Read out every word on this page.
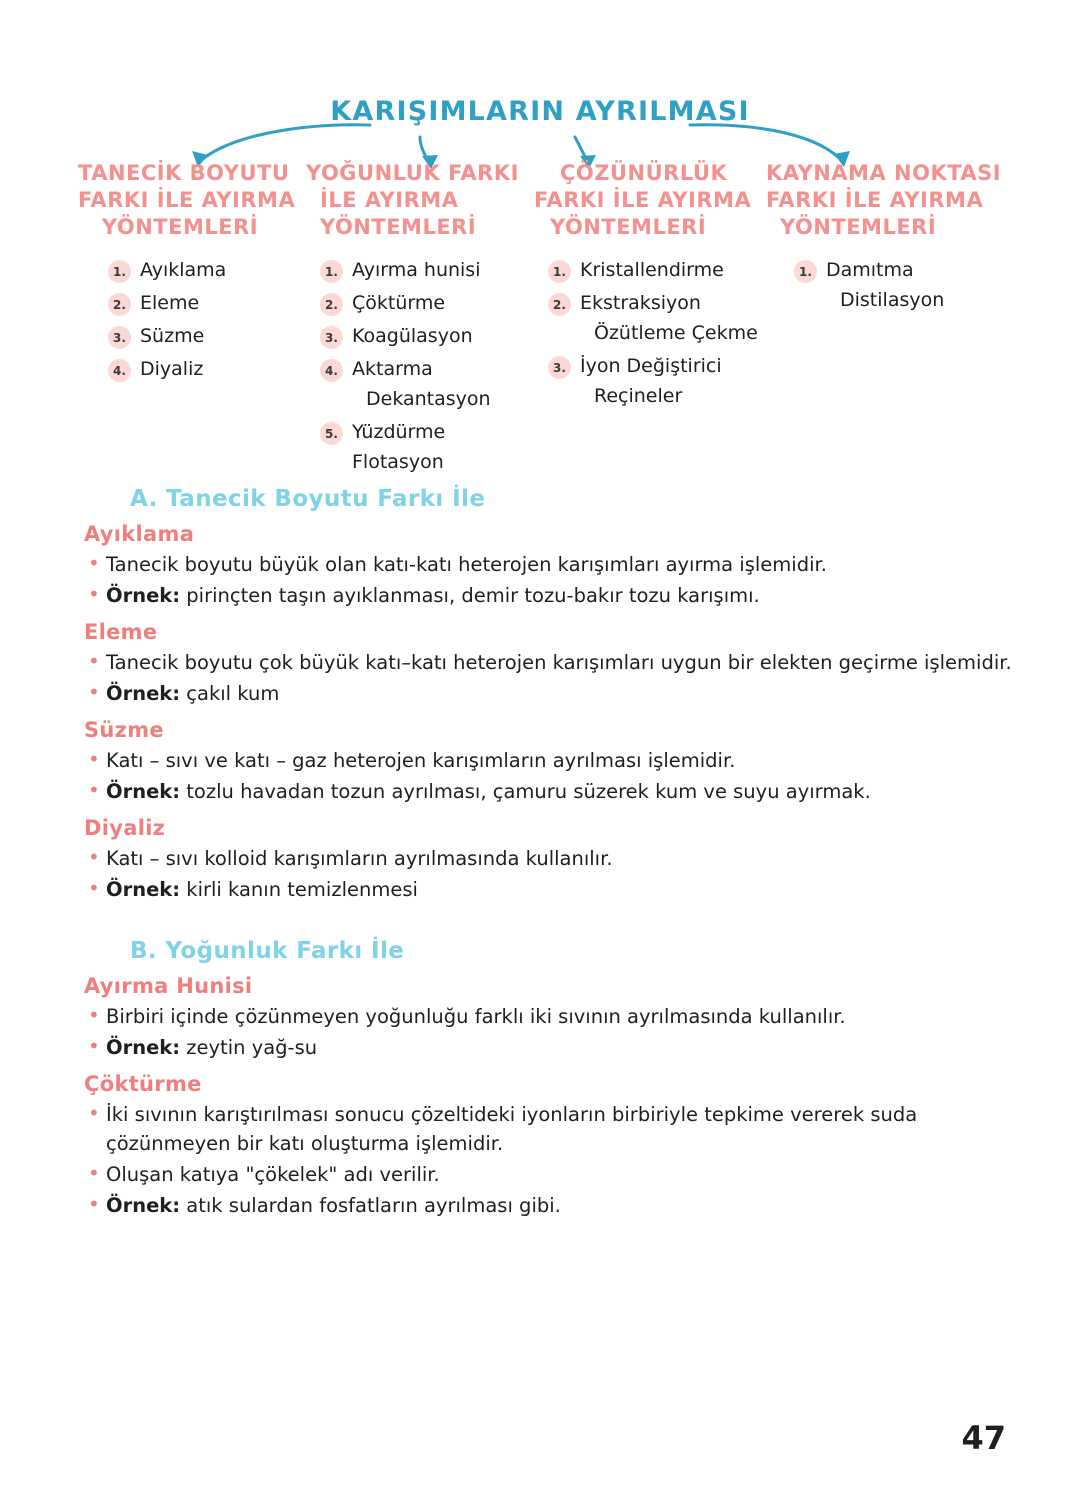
KARIŞIMLARIN AYRILMASI
TANECİK BOYUTU
FARKI İLE AYIRMA
YÖNTEMLERİ
1. Ayıklama
2. Eleme
3. Süzme
4. Diyaliz
YOĞUNLUK FARKI
İLE AYIRMA
YÖNTEMLERİ
1. Ayırma hunisi
2. Çöktürme
3. Koagülasyon
4. Aktarma
Dekantasyon
5. Yüzdürme Flotasyon
ÇÖZÜNÜRLÜK
FARKI İLE AYIRMA
YÖNTEMLERİ
1. Kristallendirme
2. Ekstraksiyon
Özütleme Çekme
3. İyon Değiştirici
Reçineler
KAYNAMA NOKTASI
FARKI İLE AYIRMA
YÖNTEMLERİ
1. Damıtma
Distilasyon
A. Tanecik Boyutu Farkı İle
Ayıklama
• Tanecik boyutu büyük olan katı-katı heterojen karışımları ayırma işlemidir.
• Örnek: pirinçten taşın ayıklanması, demir tozu-bakır tozu karışımı.
Eleme
• Tanecik boyutu çok büyük katı–katı heterojen karışımları uygun bir elekten geçirme işlemidir.
• Örnek: çakıl kum
Süzme
• Katı – sıvı ve katı – gaz heterojen karışımların ayrılması işlemidir.
• Örnek: tozlu havadan tozun ayrılması, çamuru süzerek kum ve suyu ayırmak.
Diyaliz
• Katı – sıvı kolloid karışımların ayrılmasında kullanılır.
• Örnek: kirli kanın temizlenmesi
B. Yoğunluk Farkı İle
Ayırma Hunisi
• Birbiri içinde çözünmeyen yoğunluğu farklı iki sıvının ayrılmasında kullanılır.
• Örnek: zeytin yağ-su
Çöktürme
• İki sıvının karıştırılması sonucu çözeltideki iyonların birbiriyle tepkime vererek suda çözünmeyen bir katı oluşturma işlemidir.
• Oluşan katıya "çökelek" adı verilir.
• Örnek: atık sulardan fosfatların ayrılması gibi.
47
